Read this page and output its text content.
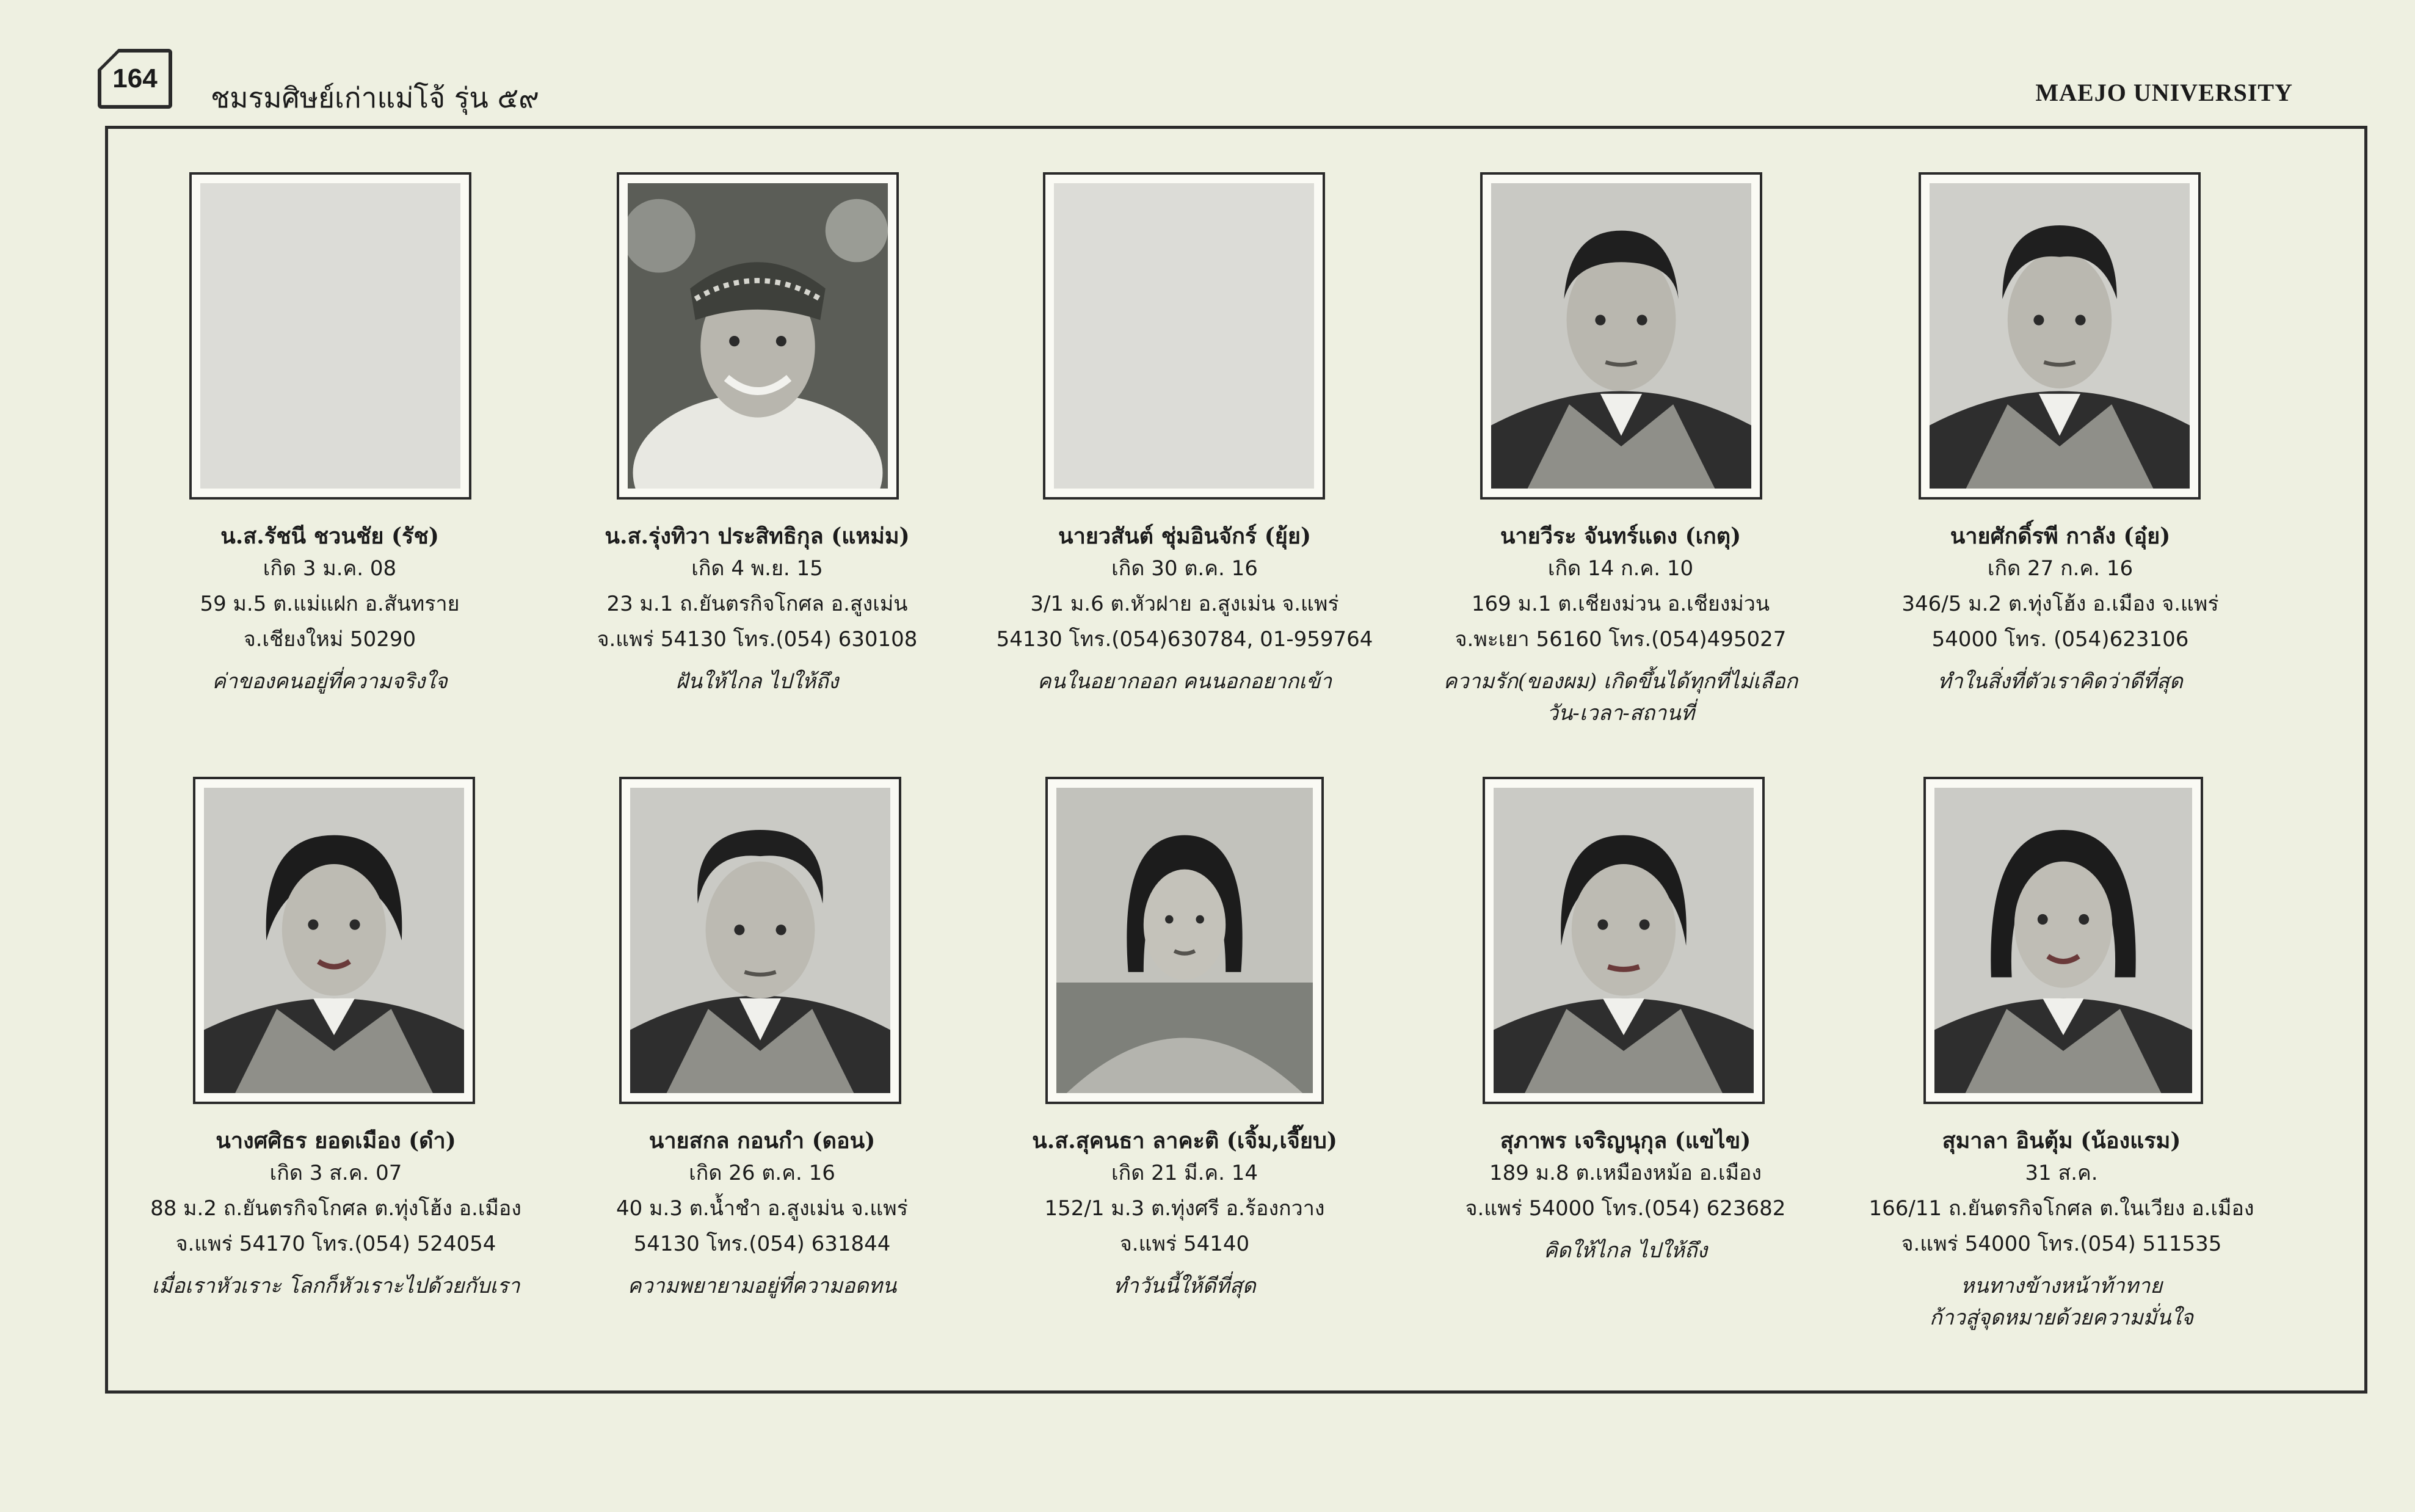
164
ชมรมศิษย์เก่าแม่โจ้ รุ่น ๕๙	MAEJO UNIVERSITY
น.ส.รัชนี ชวนชัย (รัช)
เกิด 3 ม.ค. 08
59 ม.5 ต.แม่แฝก อ.สันทราย
จ.เชียงใหม่ 50290
ค่าของคนอยู่ที่ความจริงใจ
น.ส.รุ่งทิวา ประสิทธิกุล (แหม่ม)
เกิด 4 พ.ย. 15
23 ม.1 ถ.ยันตรกิจโกศล อ.สูงเม่น
จ.แพร่ 54130 โทร.(054) 630108
ฝันให้ไกล ไปให้ถึง
นายวสันต์ ชุ่มอินจักร์ (ยุ้ย)
เกิด 30 ต.ค. 16
3/1 ม.6 ต.หัวฝาย อ.สูงเม่น จ.แพร่
54130 โทร.(054)630784, 01-959764
คนในอยากออก คนนอกอยากเข้า
นายวีระ จันทร์แดง (เกตุ)
เกิด 14 ก.ค. 10
169 ม.1 ต.เชียงม่วน อ.เชียงม่วน
จ.พะเยา 56160 โทร.(054)495027
ความรัก(ของผม) เกิดขึ้นได้ทุกที่ไม่เลือก
วัน-เวลา-สถานที่
นายศักดิ์รพี กาลัง (อุ๋ย)
เกิด 27 ก.ค. 16
346/5 ม.2 ต.ทุ่งโฮ้ง อ.เมือง จ.แพร่
54000 โทร. (054)623106
ทำในสิ่งที่ตัวเราคิดว่าดีที่สุด
นางศศิธร ยอดเมือง (ดำ)
เกิด 3 ส.ค. 07
88 ม.2 ถ.ยันตรกิจโกศล ต.ทุ่งโฮ้ง อ.เมือง
จ.แพร่ 54170 โทร.(054) 524054
เมื่อเราหัวเราะ โลกก็หัวเราะไปด้วยกับเรา
นายสกล กอนกำ (ดอน)
เกิด 26 ต.ค. 16
40 ม.3 ต.น้ำชำ อ.สูงเม่น จ.แพร่
54130 โทร.(054) 631844
ความพยายามอยู่ที่ความอดทน
น.ส.สุคนธา ลาคะติ (เจิ้ม,เจี๊ยบ)
เกิด 21 มี.ค. 14
152/1 ม.3 ต.ทุ่งศรี อ.ร้องกวาง
จ.แพร่ 54140
ทำวันนี้ให้ดีที่สุด
สุภาพร เจริญนุกุล (แขไข)
189 ม.8 ต.เหมืองหม้อ อ.เมือง
จ.แพร่ 54000 โทร.(054) 623682
คิดให้ไกล ไปให้ถึง
สุมาลา อินตุ้ม (น้องแรม)
31 ส.ค.
166/11 ถ.ยันตรกิจโกศล ต.ในเวียง อ.เมือง
จ.แพร่ 54000 โทร.(054) 511535
หนทางข้างหน้าท้าทาย
ก้าวสู่จุดหมายด้วยความมั่นใจ
